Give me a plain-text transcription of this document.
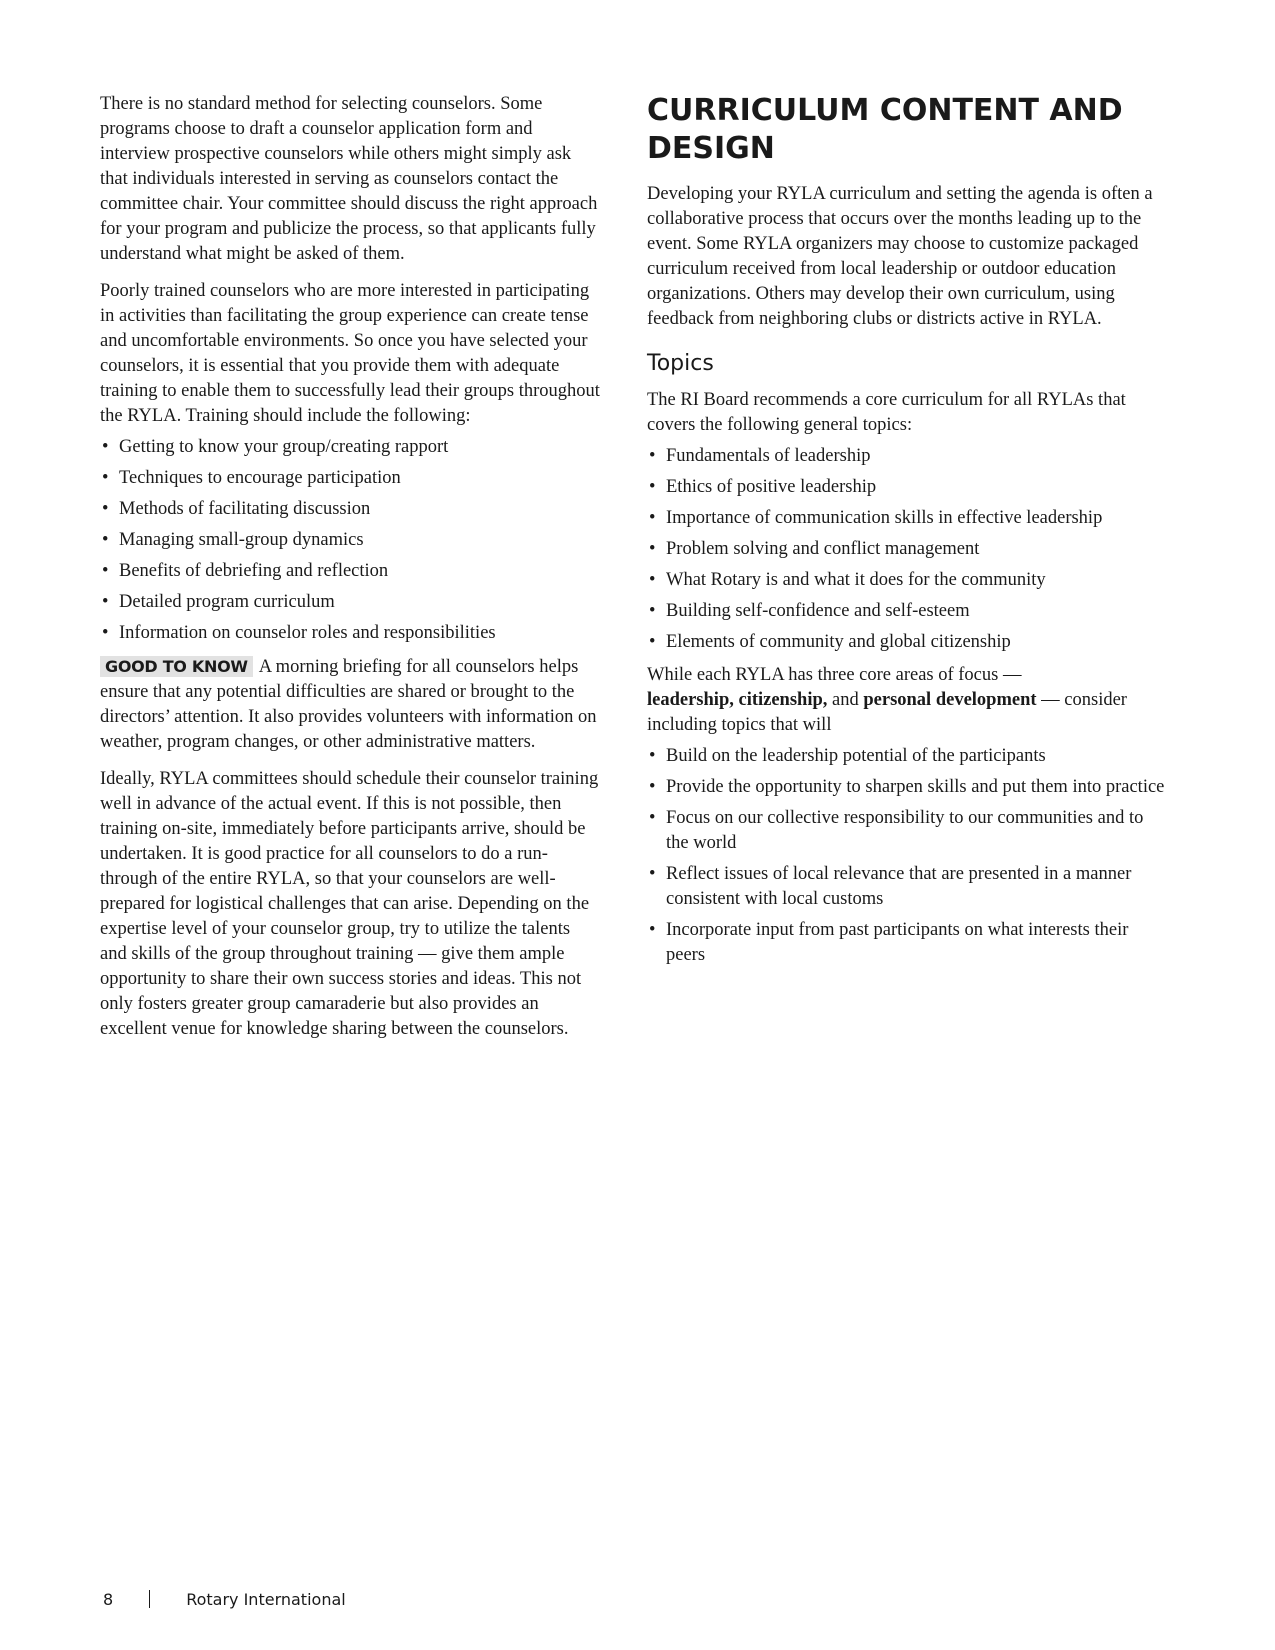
There is no standard method for selecting counselors. Some programs choose to draft a counselor application form and interview prospective counselors while others might simply ask that individuals interested in serving as counselors contact the committee chair. Your committee should discuss the right approach for your program and publicize the process, so that applicants fully understand what might be asked of them.

Poorly trained counselors who are more interested in participating in activities than facilitating the group experience can create tense and uncomfortable environments. So once you have selected your counselors, it is essential that you provide them with adequate training to enable them to successfully lead their groups throughout the RYLA. Training should include the following:

• Getting to know your group/creating rapport
• Techniques to encourage participation
• Methods of facilitating discussion
• Managing small-group dynamics
• Benefits of debriefing and reflection
• Detailed program curriculum
• Information on counselor roles and responsibilities

GOOD TO KNOW A morning briefing for all counselors helps ensure that any potential difficulties are shared or brought to the directors’ attention. It also provides volunteers with information on weather, program changes, or other administrative matters.

Ideally, RYLA committees should schedule their counselor training well in advance of the actual event. If this is not possible, then training on-site, immediately before participants arrive, should be undertaken. It is good practice for all counselors to do a run-through of the entire RYLA, so that your counselors are well-prepared for logistical challenges that can arise. Depending on the expertise level of your counselor group, try to utilize the talents and skills of the group throughout training — give them ample opportunity to share their own success stories and ideas. This not only fosters greater group camaraderie but also provides an excellent venue for knowledge sharing between the counselors.

CURRICULUM CONTENT AND DESIGN

Developing your RYLA curriculum and setting the agenda is often a collaborative process that occurs over the months leading up to the event. Some RYLA organizers may choose to customize packaged curriculum received from local leadership or outdoor education organizations. Others may develop their own curriculum, using feedback from neighboring clubs or districts active in RYLA.

Topics

The RI Board recommends a core curriculum for all RYLAs that covers the following general topics:

• Fundamentals of leadership
• Ethics of positive leadership
• Importance of communication skills in effective leadership
• Problem solving and conflict management
• What Rotary is and what it does for the community
• Building self-confidence and self-esteem
• Elements of community and global citizenship

While each RYLA has three core areas of focus —
leadership, citizenship, and personal development — consider including topics that will

• Build on the leadership potential of the participants
• Provide the opportunity to sharpen skills and put them into practice
• Focus on our collective responsibility to our communities and to the world
• Reflect issues of local relevance that are presented in a manner consistent with local customs
• Incorporate input from past participants on what interests their peers
8	Rotary International
